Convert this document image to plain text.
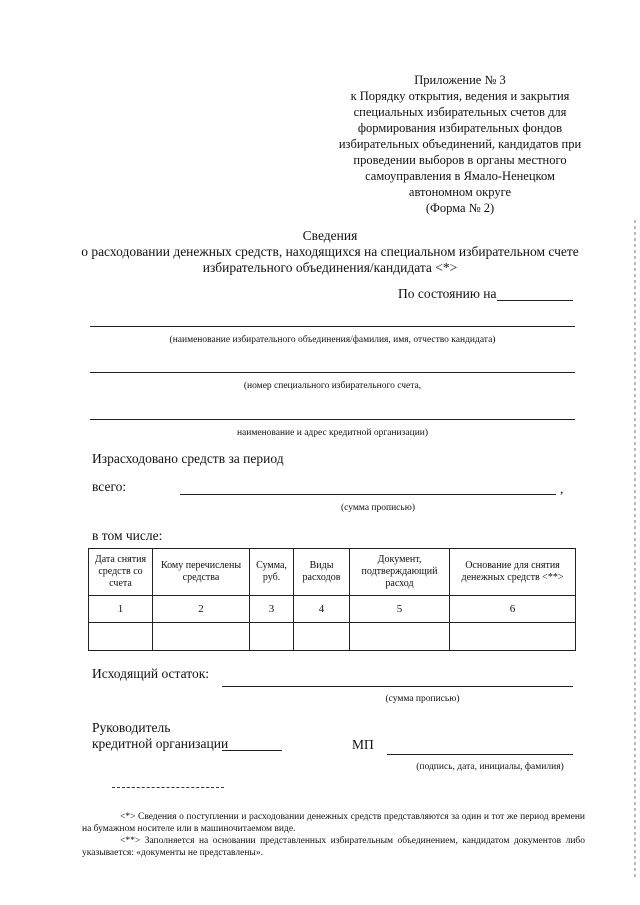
Приложение № 3
к Порядку открытия, ведения и закрытия
специальных избирательных счетов для
формирования избирательных фондов
избирательных объединений, кандидатов при
проведении выборов в органы местного
самоуправления в Ямало-Ненецком
автономном округе
(Форма № 2)
Сведения
о расходовании денежных средств, находящихся на специальном избирательном счете
избирательного объединения/кандидата <*>
По состоянию на
(наименование избирательного объединения/фамилия, имя, отчество кандидата)
(номер специального избирательного счета,
наименование и адрес кредитной организации)
Израсходовано средств за период
всего:	,
(сумма прописью)
в том числе:
Дата снятия средств со счета	Кому перечислены средства	Сумма, руб.	Виды расходов	Документ, подтверждающий расход	Основание для снятия денежных средств <**>
1	2	3	4	5	6

Исходящий остаток:
(сумма прописью)
Руководитель
кредитной организации	МП
(подпись, дата, инициалы, фамилия)
<*> Сведения о поступлении и расходовании денежных средств представляются за один и тот же период времени на бумажном носителе или в машиночитаемом виде.
<**> Заполняется на основании представленных избирательным объединением, кандидатом документов либо указывается: «документы не представлены».
